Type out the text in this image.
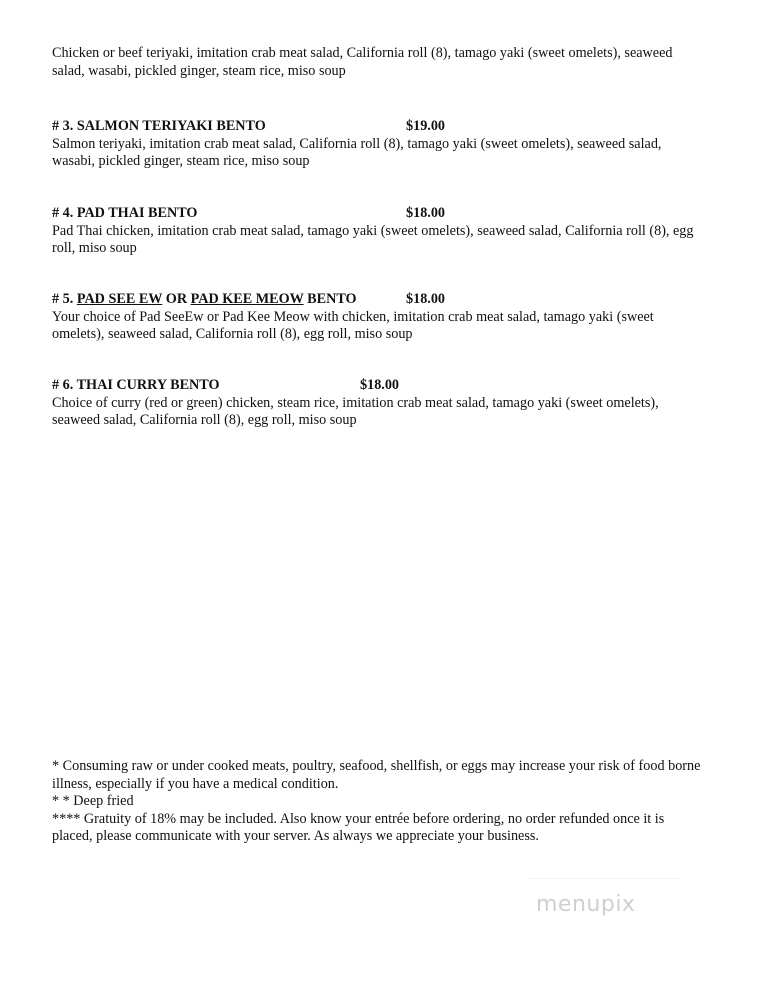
Chicken or beef teriyaki, imitation crab meat salad, California roll (8), tamago yaki (sweet omelets), seaweed salad, wasabi, pickled ginger, steam rice, miso soup

# 3. SALMON TERIYAKI BENTO	$19.00

Salmon teriyaki, imitation crab meat salad, California roll (8), tamago yaki (sweet omelets), seaweed salad, wasabi, pickled ginger, steam rice, miso soup

# 4. PAD THAI BENTO	$18.00

Pad Thai chicken, imitation crab meat salad, tamago yaki (sweet omelets), seaweed salad, California roll (8), egg roll, miso soup

# 5. PAD SEE EW OR PAD KEE MEOW BENTO	$18.00

Your choice of Pad SeeEw or Pad Kee Meow with chicken, imitation crab meat salad, tamago yaki (sweet omelets), seaweed salad, California roll (8), egg roll, miso soup

# 6. THAI CURRY BENTO	$18.00

Choice of curry (red or green) chicken, steam rice, imitation crab meat salad, tamago yaki (sweet omelets), seaweed salad, California roll (8), egg roll, miso soup

* Consuming raw or under cooked meats, poultry, seafood, shellfish, or eggs may increase your risk of food borne illness, especially if you have a medical condition.

* * Deep fried

**** Gratuity of 18% may be included. Also know your entrée before ordering, no order refunded once it is placed, please communicate with your server. As always we appreciate your business.

menupix
